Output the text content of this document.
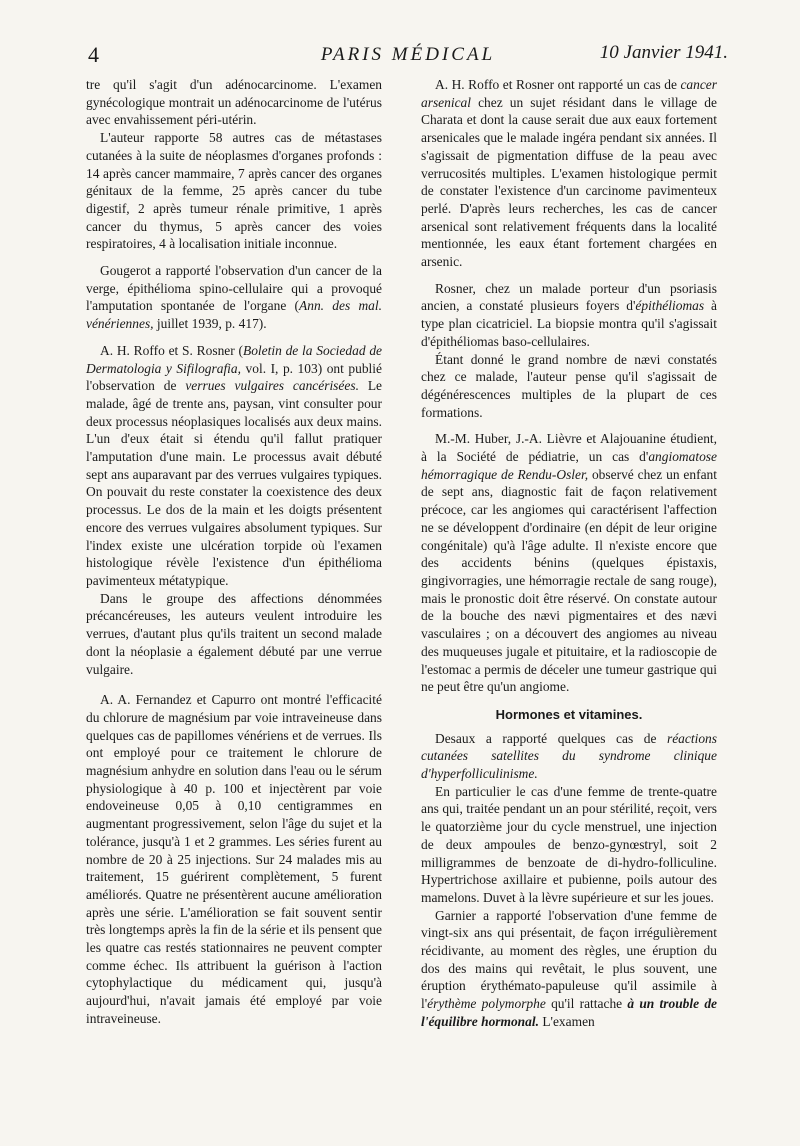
4	PARIS MÉDICAL	10 Janvier 1941.

tre qu'il s'agit d'un adénocarcinome. L'examen gynécologique montrait un adénocarcinome de l'utérus avec envahissement péri-utérin.

L'auteur rapporte 58 autres cas de métastases cutanées à la suite de néoplasmes d'organes profonds : 14 après cancer mammaire, 7 après cancer des organes génitaux de la femme, 25 après cancer du tube digestif, 2 après tumeur rénale primitive, 1 après cancer du thymus, 5 après cancer des voies respiratoires, 4 à localisation initiale inconnue.

Gougerot a rapporté l'observation d'un cancer de la verge, épithélioma spino-cellulaire qui a provoqué l'amputation spontanée de l'organe (Ann. des mal. vénériennes, juillet 1939, p. 417).

A. H. Roffo et S. Rosner (Boletin de la Sociedad de Dermatologia y Sifilografia, vol. I, p. 103) ont publié l'observation de verrues vulgaires cancérisées. Le malade, âgé de trente ans, paysan, vint consulter pour deux processus néoplasiques localisés aux deux mains. L'un d'eux était si étendu qu'il fallut pratiquer l'amputation d'une main. Le processus avait débuté sept ans auparavant par des verrues vulgaires typiques. On pouvait du reste constater la coexistence des deux processus. Le dos de la main et les doigts présentent encore des verrues vulgaires absolument typiques. Sur l'index existe une ulcération torpide où l'examen histologique révèle l'existence d'un épithélioma pavimenteux métatypique.

Dans le groupe des affections dénommées précancéreuses, les auteurs veulent introduire les verrues, d'autant plus qu'ils traitent un second malade dont la néoplasie a également débuté par une verrue vulgaire.

A. A. Fernandez et Capurro ont montré l'efficacité du chlorure de magnésium par voie intraveineuse dans quelques cas de papillomes vénériens et de verrues. Ils ont employé pour ce traitement le chlorure de magnésium anhydre en solution dans l'eau ou le sérum physiologique à 40 p. 100 et injectèrent par voie endoveineuse 0,05 à 0,10 centigrammes en augmentant progressivement, selon l'âge du sujet et la tolérance, jusqu'à 1 et 2 grammes. Les séries furent au nombre de 20 à 25 injections. Sur 24 malades mis au traitement, 15 guérirent complètement, 5 furent améliorés. Quatre ne présentèrent aucune amélioration après une série. L'amélioration se fait souvent sentir très longtemps après la fin de la série et ils pensent que les quatre cas restés stationnaires ne peuvent compter comme échec. Ils attribuent la guérison à l'action cytophylactique du médicament qui, jusqu'à aujourd'hui, n'avait jamais été employé par voie intraveineuse.

A. H. Roffo et Rosner ont rapporté un cas de cancer arsenical chez un sujet résidant dans le village de Charata et dont la cause serait due aux eaux fortement arsenicales que le malade ingéra pendant six années. Il s'agissait de pigmentation diffuse de la peau avec verrucosités multiples. L'examen histologique permit de constater l'existence d'un carcinome pavimenteux perlé. D'après leurs recherches, les cas de cancer arsenical sont relativement fréquents dans la localité mentionnée, les eaux étant fortement chargées en arsenic.

Rosner, chez un malade porteur d'un psoriasis ancien, a constaté plusieurs foyers d'épithéliomas à type plan cicatriciel. La biopsie montra qu'il s'agissait d'épithéliomas baso-cellulaires.

Étant donné le grand nombre de nævi constatés chez ce malade, l'auteur pense qu'il s'agissait de dégénérescences multiples de la plupart de ces formations.

M.-M. Huber, J.-A. Lièvre et Alajouanine étudient, à la Société de pédiatrie, un cas d'angiomatose hémorragique de Rendu-Osler, observé chez un enfant de sept ans, diagnostic fait de façon relativement précoce, car les angiomes qui caractérisent l'affection ne se développent d'ordinaire (en dépit de leur origine congénitale) qu'à l'âge adulte. Il n'existe encore que des accidents bénins (quelques épistaxis, gingivorragies, une hémorragie rectale de sang rouge), mais le pronostic doit être réservé. On constate autour de la bouche des nævi pigmentaires et des nævi vasculaires ; on a découvert des angiomes au niveau des muqueuses jugale et pituitaire, et la radioscopie de l'estomac a permis de déceler une tumeur gastrique qui ne peut être qu'un angiome.

Hormones et vitamines.

Desaux a rapporté quelques cas de réactions cutanées satellites du syndrome clinique d'hyperfolliculinisme.

En particulier le cas d'une femme de trente-quatre ans qui, traitée pendant un an pour stérilité, reçoit, vers le quatorzième jour du cycle menstruel, une injection de deux ampoules de benzo-gynœstryl, soit 2 milligrammes de benzoate de di-hydro-folliculine. Hypertrichose axillaire et pubienne, poils autour des mamelons. Duvet à la lèvre supérieure et sur les joues.

Garnier a rapporté l'observation d'une femme de vingt-six ans qui présentait, de façon irrégulièrement récidivante, au moment des règles, une éruption du dos des mains qui revêtait, le plus souvent, une éruption érythémato-papuleuse qu'il assimile à l'érythème polymorphe qu'il rattache à un trouble de l'équilibre hormonal. L'examen
